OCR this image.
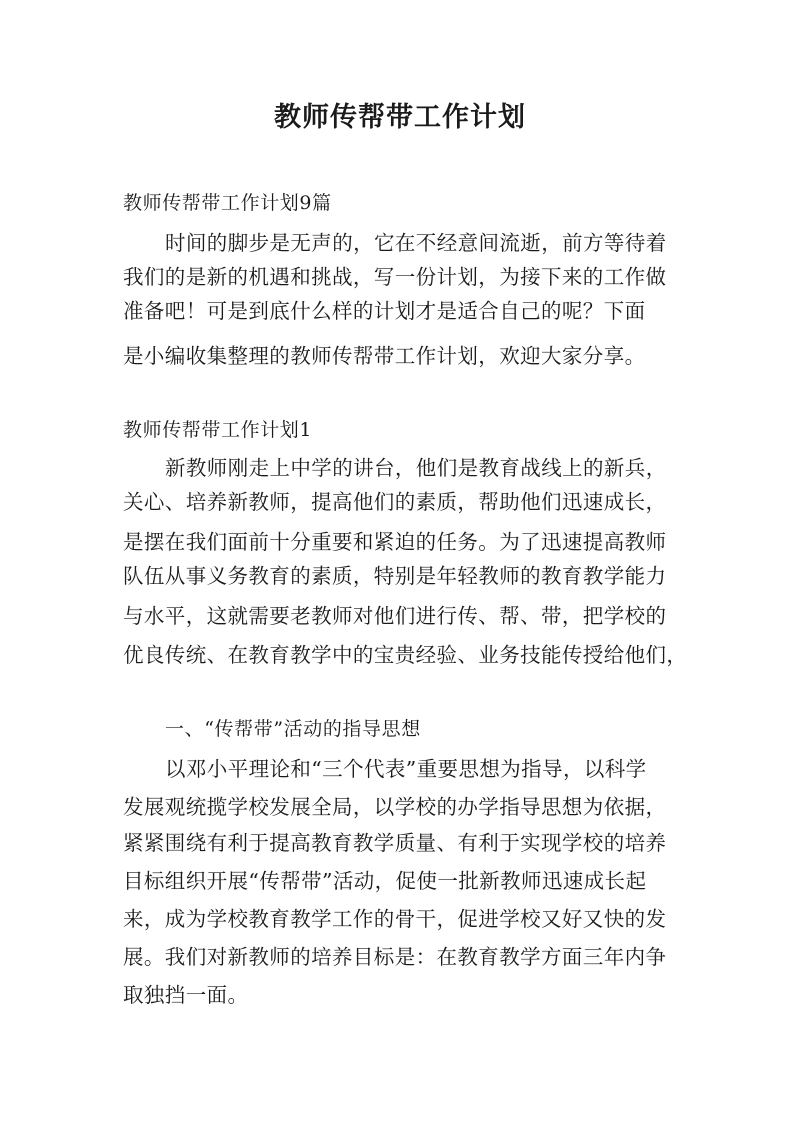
教师传帮带工作计划
教师传帮带工作计划9篇
时间的脚步是无声的，它在不经意间流逝，前方等待着
我们的是新的机遇和挑战，写一份计划，为接下来的工作做
准备吧！可是到底什么样的计划才是适合自己的呢？下面
是小编收集整理的教师传帮带工作计划，欢迎大家分享。
教师传帮带工作计划1
新教师刚走上中学的讲台，他们是教育战线上的新兵，
关心、培养新教师，提高他们的素质，帮助他们迅速成长，
是摆在我们面前十分重要和紧迫的任务。为了迅速提高教师
队伍从事义务教育的素质，特别是年轻教师的教育教学能力
与水平，这就需要老教师对他们进行传、帮、带，把学校的
优良传统、在教育教学中的宝贵经验、业务技能传授给他们，
一、“传帮带”活动的指导思想
以邓小平理论和“三个代表”重要思想为指导，以科学
发展观统揽学校发展全局，以学校的办学指导思想为依据，
紧紧围绕有利于提高教育教学质量、有利于实现学校的培养
目标组织开展“传帮带”活动，促使一批新教师迅速成长起
来，成为学校教育教学工作的骨干，促进学校又好又快的发
展。我们对新教师的培养目标是：在教育教学方面三年内争
取独挡一面。
